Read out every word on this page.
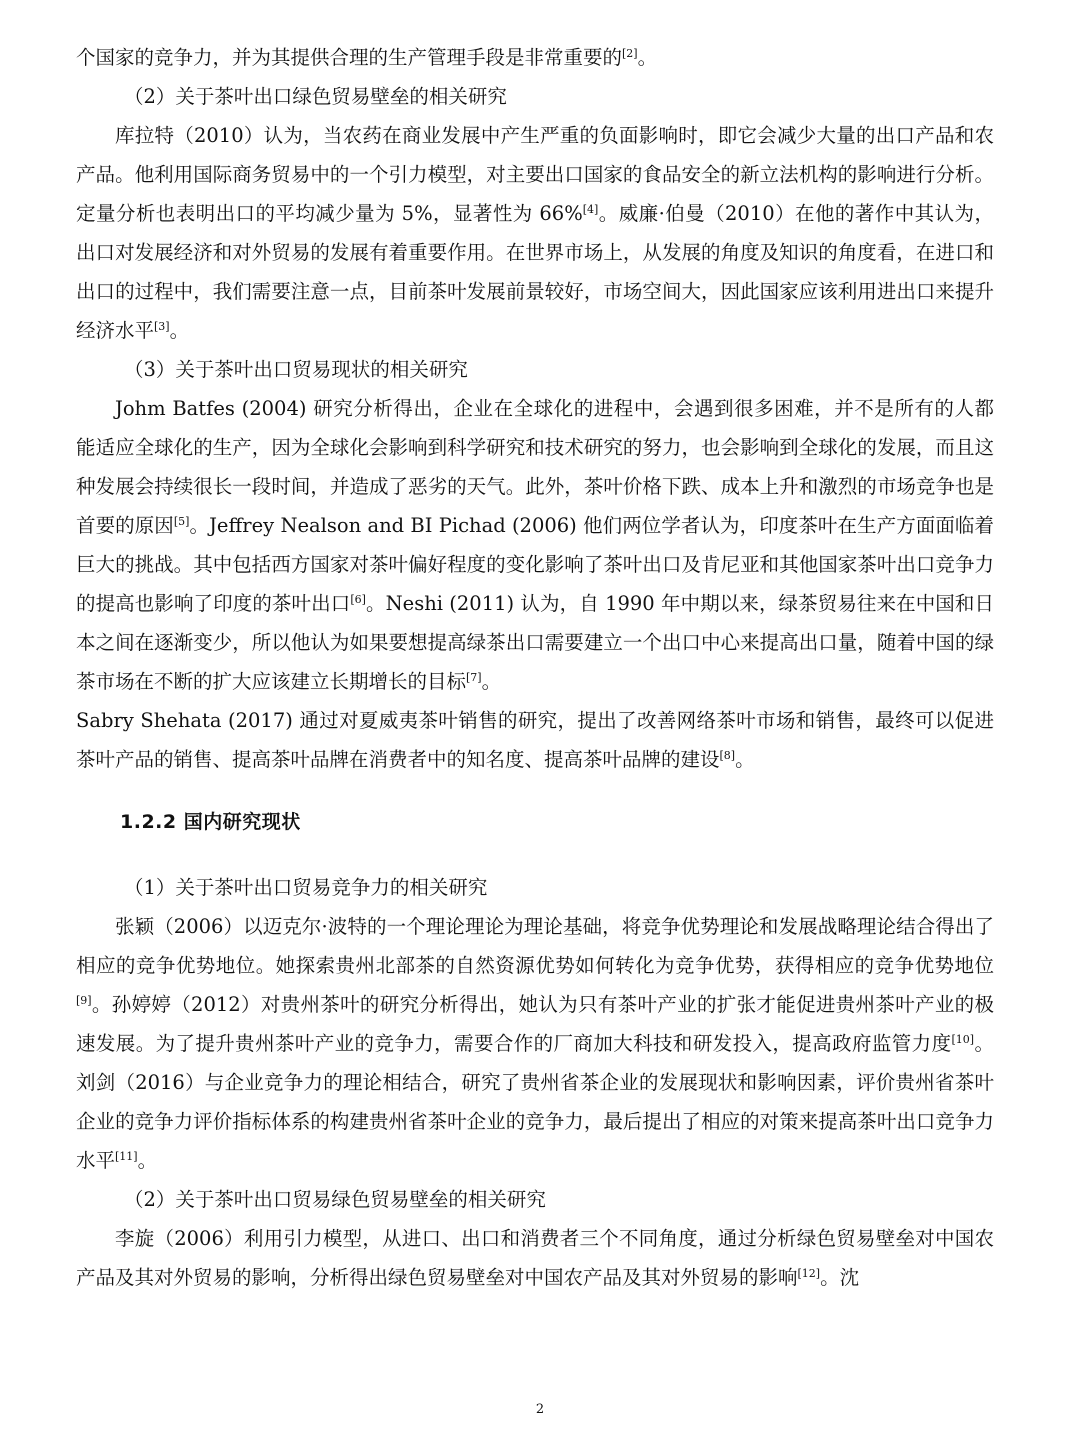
个国家的竞争力，并为其提供合理的生产管理手段是非常重要的[2]。

（2）关于茶叶出口绿色贸易壁垒的相关研究

库拉特（2010）认为，当农药在商业发展中产生严重的负面影响时，即它会减少大量的出口产品和农产品。他利用国际商务贸易中的一个引力模型，对主要出口国家的食品安全的新立法机构的影响进行分析。定量分析也表明出口的平均减少量为 5%，显著性为 66%[4]。威廉·伯曼（2010）在他的著作中其认为，出口对发展经济和对外贸易的发展有着重要作用。在世界市场上，从发展的角度及知识的角度看，在进口和出口的过程中，我们需要注意一点，目前茶叶发展前景较好，市场空间大，因此国家应该利用进出口来提升经济水平[3]。

（3）关于茶叶出口贸易现状的相关研究

Johm Batfes (2004) 研究分析得出，企业在全球化的进程中，会遇到很多困难，并不是所有的人都能适应全球化的生产，因为全球化会影响到科学研究和技术研究的努力，也会影响到全球化的发展，而且这种发展会持续很长一段时间，并造成了恶劣的天气。此外，茶叶价格下跌、成本上升和激烈的市场竞争也是首要的原因[5]。Jeffrey Nealson and BI Pichad (2006) 他们两位学者认为，印度茶叶在生产方面面临着巨大的挑战。其中包括西方国家对茶叶偏好程度的变化影响了茶叶出口及肯尼亚和其他国家茶叶出口竞争力的提高也影响了印度的茶叶出口[6]。Neshi (2011) 认为，自 1990 年中期以来，绿茶贸易往来在中国和日本之间在逐渐变少，所以他认为如果要想提高绿茶出口需要建立一个出口中心来提高出口量，随着中国的绿茶市场在不断的扩大应该建立长期增长的目标[7]。

Sabry Shehata (2017) 通过对夏威夷茶叶销售的研究，提出了改善网络茶叶市场和销售，最终可以促进茶叶产品的销售、提高茶叶品牌在消费者中的知名度、提高茶叶品牌的建设[8]。

1.2.2 国内研究现状

（1）关于茶叶出口贸易竞争力的相关研究

张颖（2006）以迈克尔·波特的一个理论理论为理论基础，将竞争优势理论和发展战略理论结合得出了相应的竞争优势地位。她探索贵州北部茶的自然资源优势如何转化为竞争优势，获得相应的竞争优势地位[9]。孙婷婷（2012）对贵州茶叶的研究分析得出，她认为只有茶叶产业的扩张才能促进贵州茶叶产业的极速发展。为了提升贵州茶叶产业的竞争力，需要合作的厂商加大科技和研发投入，提高政府监管力度[10]。刘剑（2016）与企业竞争力的理论相结合，研究了贵州省茶企业的发展现状和影响因素，评价贵州省茶叶企业的竞争力评价指标体系的构建贵州省茶叶企业的竞争力，最后提出了相应的对策来提高茶叶出口竞争力水平[11]。

（2）关于茶叶出口贸易绿色贸易壁垒的相关研究

李旋（2006）利用引力模型，从进口、出口和消费者三个不同角度，通过分析绿色贸易壁垒对中国农产品及其对外贸易的影响，分析得出绿色贸易壁垒对中国农产品及其对外贸易的影响[12]。沈

2
